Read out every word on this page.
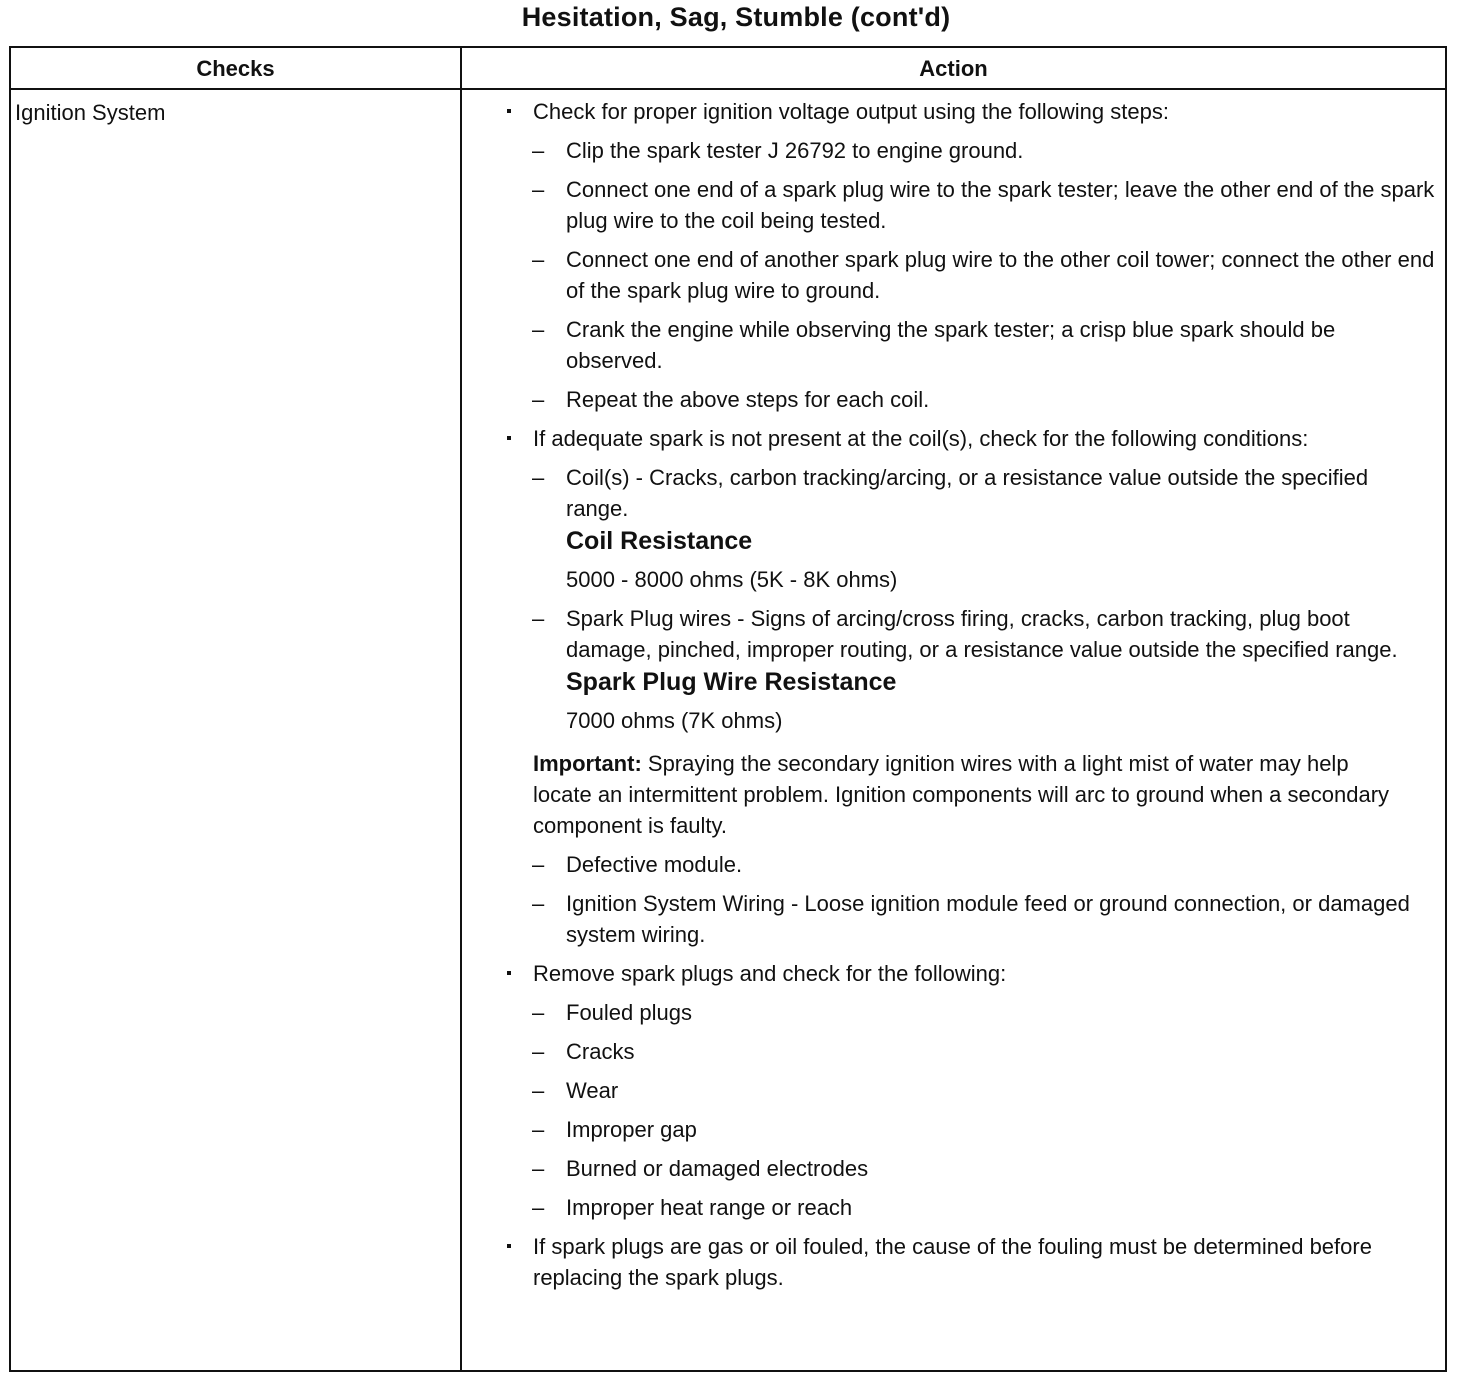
Hesitation, Sag, Stumble (cont'd)
Checks	Action
Ignition System	Check for proper ignition voltage output using the following steps:
– Clip the spark tester J 26792 to engine ground.
– Connect one end of a spark plug wire to the spark tester; leave the other end of the spark plug wire to the coil being tested.
– Connect one end of another spark plug wire to the other coil tower; connect the other end of the spark plug wire to ground.
– Crank the engine while observing the spark tester; a crisp blue spark should be observed.
– Repeat the above steps for each coil.
If adequate spark is not present at the coil(s), check for the following conditions:
– Coil(s) - Cracks, carbon tracking/arcing, or a resistance value outside the specified range.
Coil Resistance

5000 - 8000 ohms (5K - 8K ohms)

– Spark Plug wires - Signs of arcing/cross firing, cracks, carbon tracking, plug boot damage, pinched, improper routing, or a resistance value outside the specified range.
Spark Plug Wire Resistance

7000 ohms (7K ohms)

Important: Spraying the secondary ignition wires with a light mist of water may help locate an intermittent problem. Ignition components will arc to ground when a secondary component is faulty.
– Defective module.
– Ignition System Wiring - Loose ignition module feed or ground connection, or damaged system wiring.
Remove spark plugs and check for the following:
– Fouled plugs
– Cracks
– Wear
– Improper gap
– Burned or damaged electrodes
– Improper heat range or reach
If spark plugs are gas or oil fouled, the cause of the fouling must be determined before replacing the spark plugs.
